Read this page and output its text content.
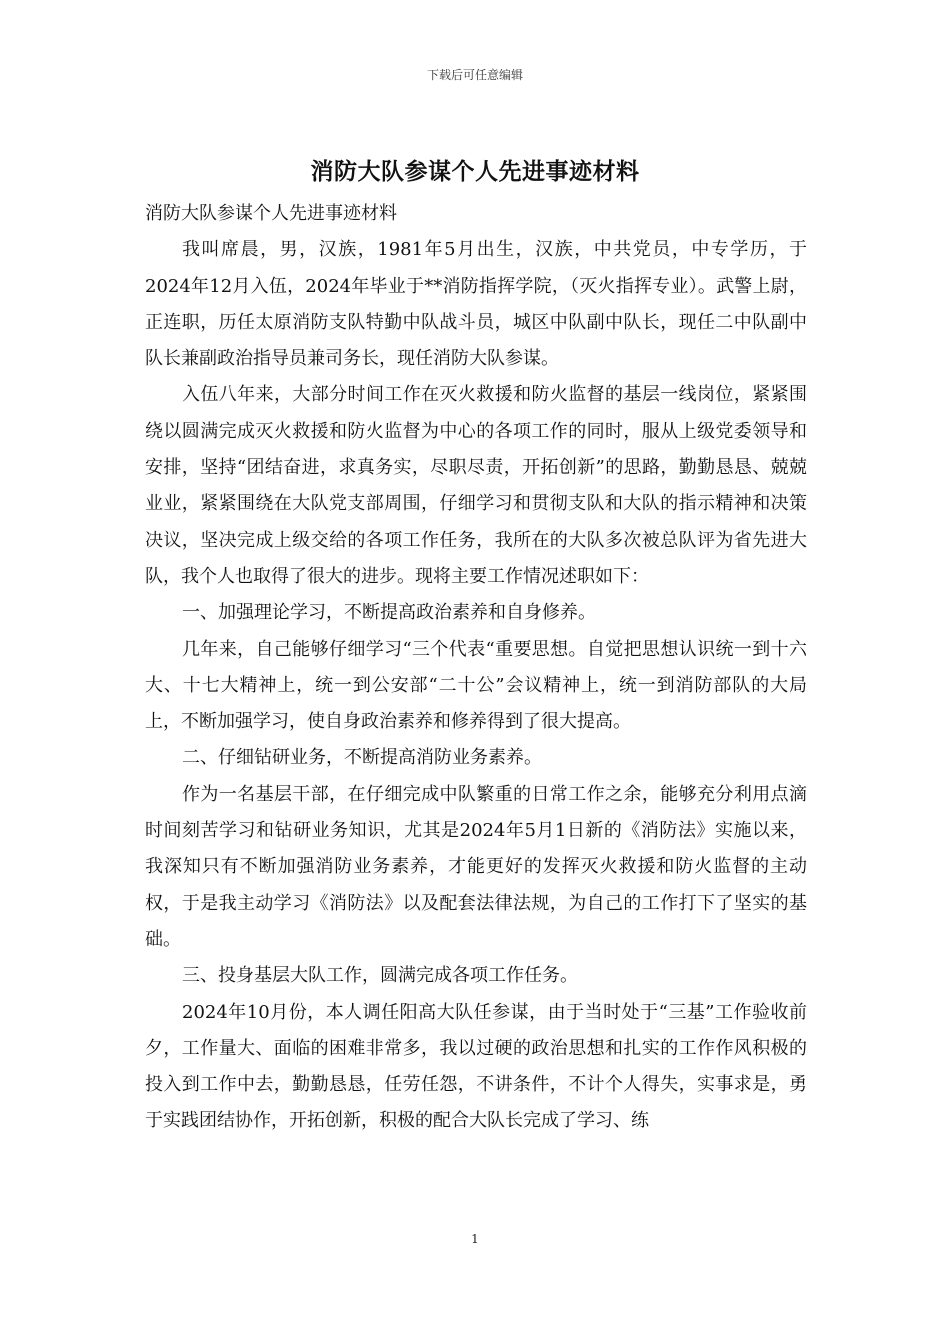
下载后可任意编辑
消防大队参谋个人先进事迹材料

消防大队参谋个人先进事迹材料

我叫席晨，男，汉族，1981年5月出生，汉族，中共党员，中专学历，于2024年12月入伍，2024年毕业于**消防指挥学院，（灭火指挥专业）。武警上尉，正连职，历任太原消防支队特勤中队战斗员，城区中队副中队长，现任二中队副中队长兼副政治指导员兼司务长，现任消防大队参谋。

入伍八年来，大部分时间工作在灭火救援和防火监督的基层一线岗位，紧紧围绕以圆满完成灭火救援和防火监督为中心的各项工作的同时，服从上级党委领导和安排，坚持“团结奋进，求真务实，尽职尽责，开拓创新”的思路，勤勤恳恳、兢兢业业，紧紧围绕在大队党支部周围，仔细学习和贯彻支队和大队的指示精神和决策决议，坚决完成上级交给的各项工作任务，我所在的大队多次被总队评为省先进大队，我个人也取得了很大的进步。现将主要工作情况述职如下：

一、加强理论学习，不断提高政治素养和自身修养。

几年来，自己能够仔细学习“三个代表“重要思想。自觉把思想认识统一到十六大、十七大精神上，统一到公安部“二十公”会议精神上，统一到消防部队的大局上，不断加强学习，使自身政治素养和修养得到了很大提高。

二、仔细钻研业务，不断提高消防业务素养。

作为一名基层干部，在仔细完成中队繁重的日常工作之余，能够充分利用点滴时间刻苦学习和钻研业务知识，尤其是2024年5月1日新的《消防法》实施以来，我深知只有不断加强消防业务素养，才能更好的发挥灭火救援和防火监督的主动权，于是我主动学习《消防法》以及配套法律法规，为自己的工作打下了坚实的基础。

三、投身基层大队工作，圆满完成各项工作任务。

2024年10月份，本人调任阳高大队任参谋，由于当时处于“三基”工作验收前夕，工作量大、面临的困难非常多，我以过硬的政治思想和扎实的工作作风积极的投入到工作中去，勤勤恳恳，任劳任怨，不讲条件，不计个人得失，实事求是，勇于实践团结协作，开拓创新，积极的配合大队长完成了学习、练

1
